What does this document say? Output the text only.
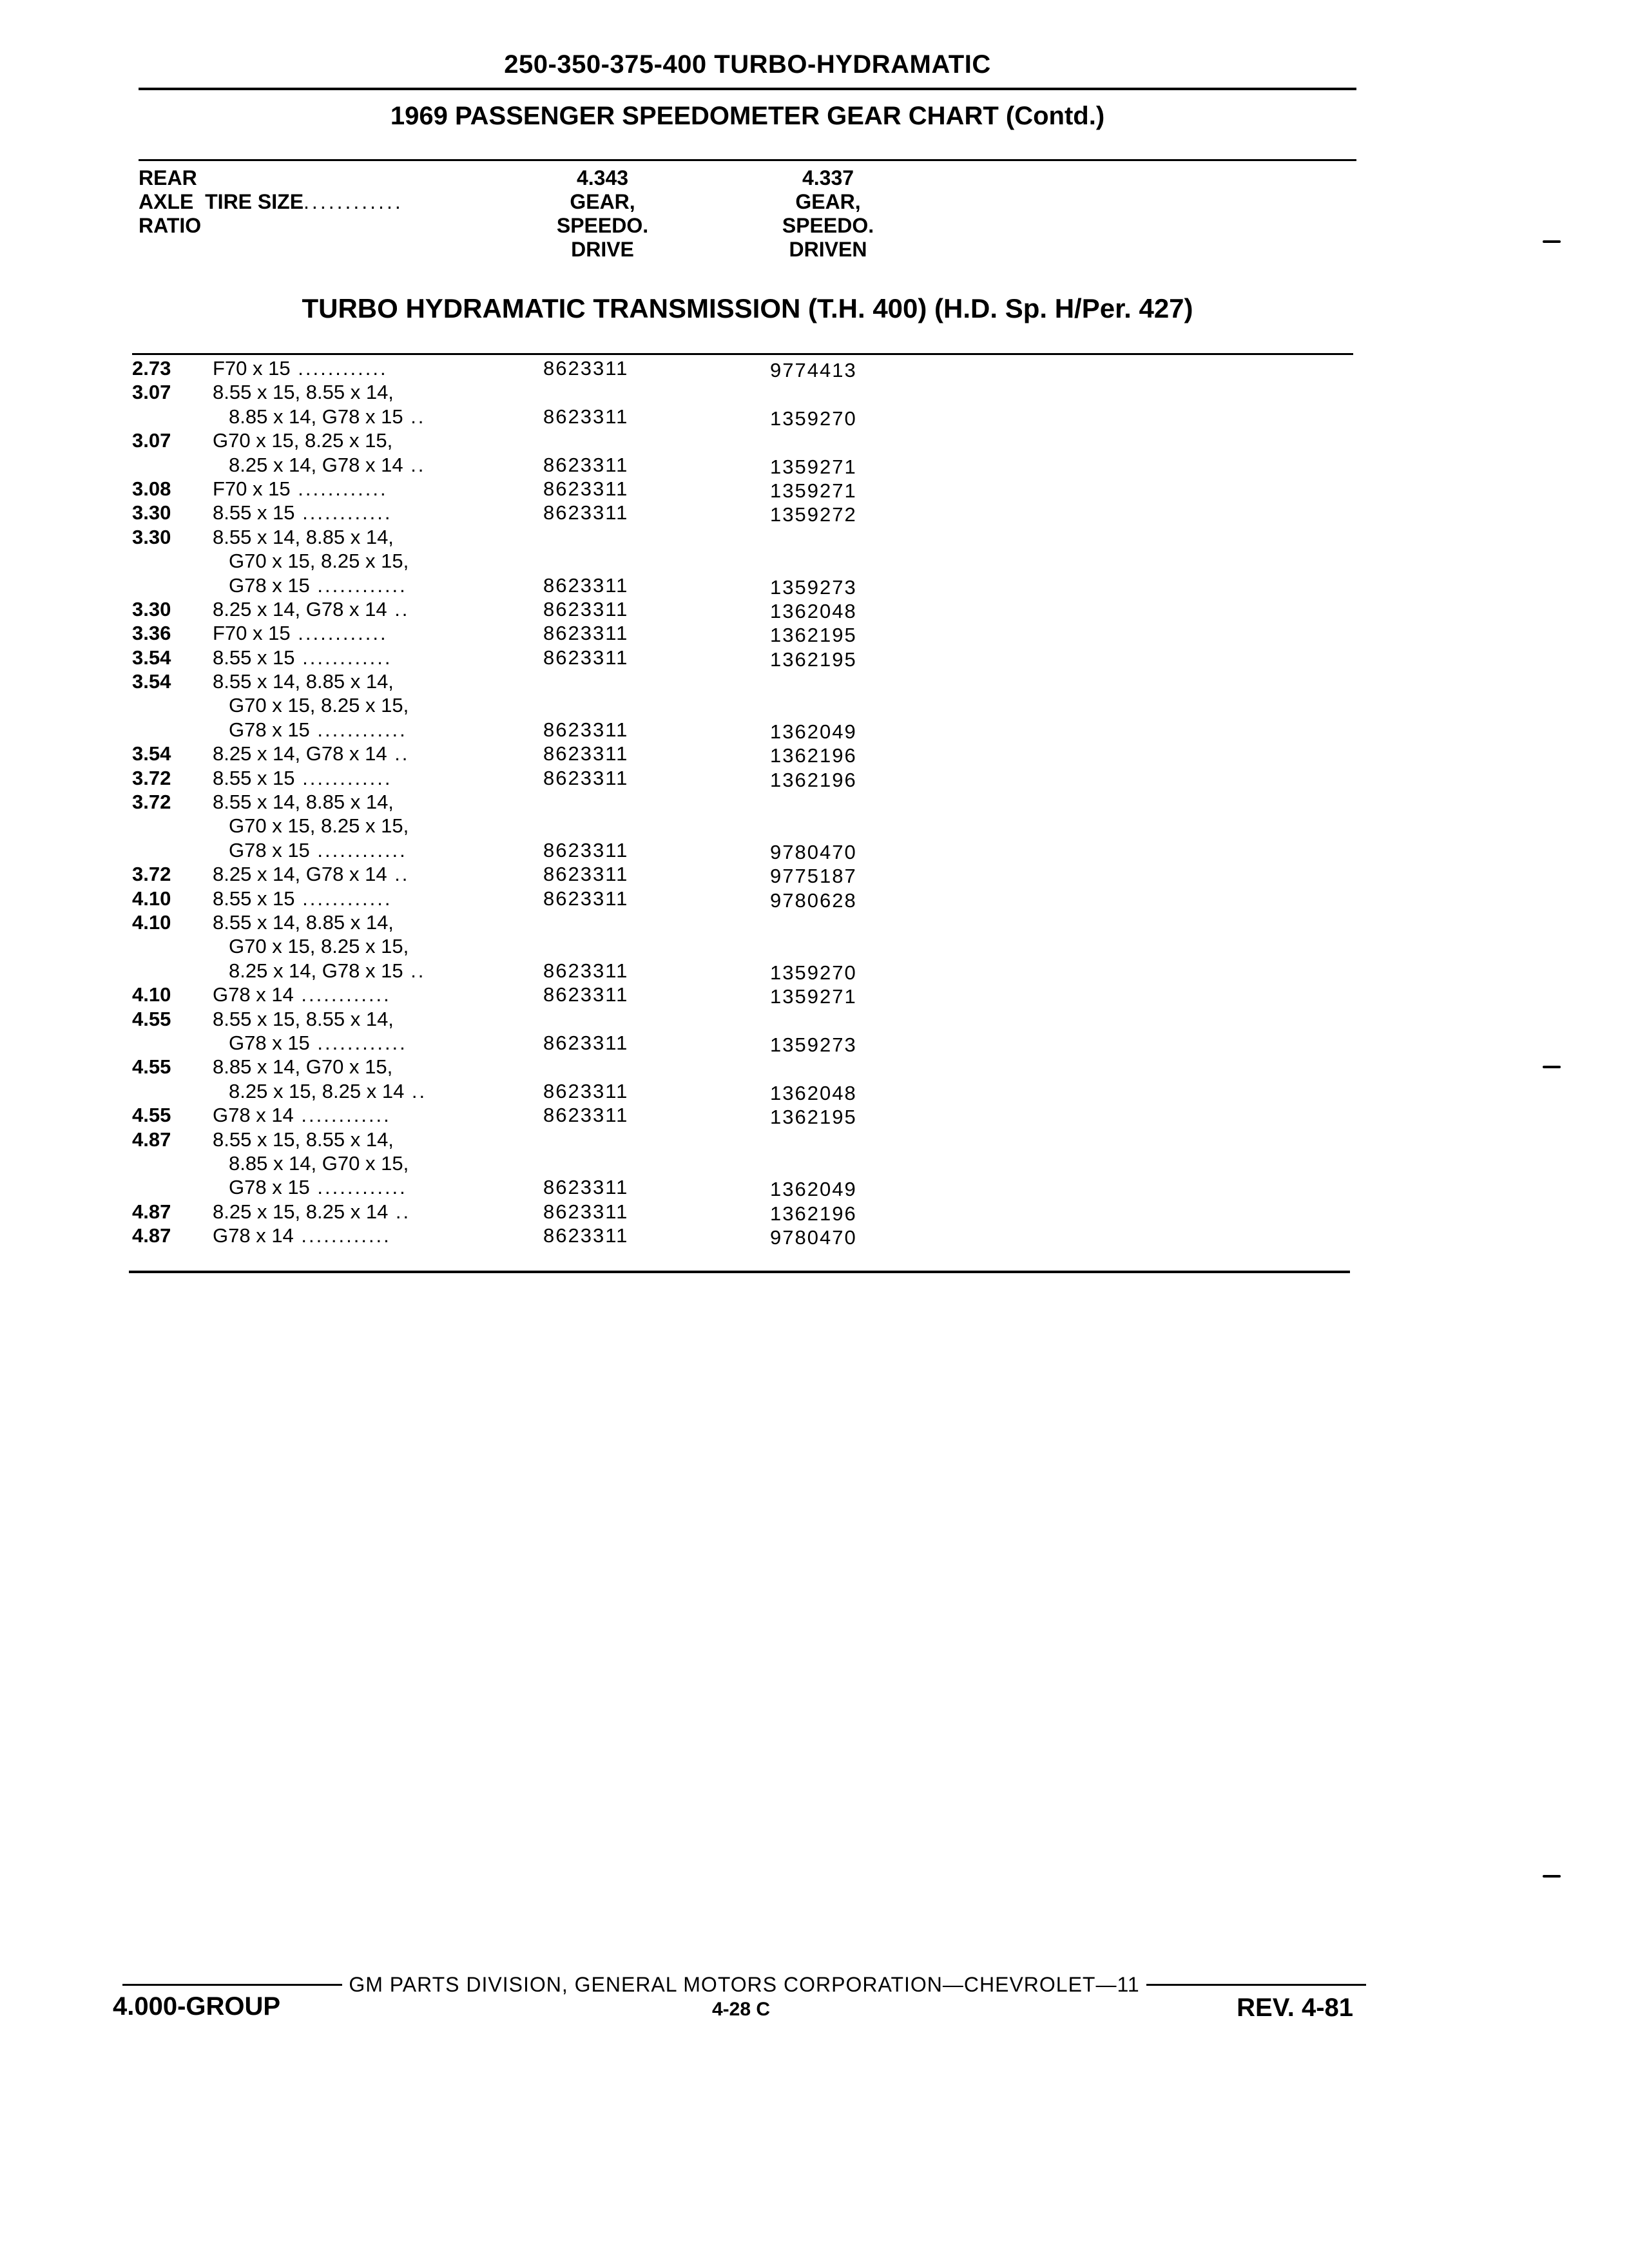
250-350-375-400 TURBO-HYDRAMATIC
1969 PASSENGER SPEEDOMETER GEAR CHART (Contd.)
REAR
AXLE TIRE SIZE............
RATIO
4.343
GEAR,
SPEEDO.
DRIVE
4.337
GEAR,
SPEEDO.
DRIVEN
TURBO HYDRAMATIC TRANSMISSION (T.H. 400) (H.D. Sp. H/Per. 427)
2.73 F70 x 15 ............	8623311	9774413
3.07 8.55 x 15, 8.55 x 14,
8.85 x 14, G78 x 15 ..	8623311	1359270
3.07 G70 x 15, 8.25 x 15,
8.25 x 14, G78 x 14 ..	8623311	1359271
3.08 F70 x 15 ............	8623311	1359271
3.30 8.55 x 15 ............	8623311	1359272
3.30 8.55 x 14, 8.85 x 14,
G70 x 15, 8.25 x 15,
G78 x 15 ............	8623311	1359273
3.30 8.25 x 14, G78 x 14 ..	8623311	1362048
3.36 F70 x 15 ............	8623311	1362195
3.54 8.55 x 15 ............	8623311	1362195
3.54 8.55 x 14, 8.85 x 14,
G70 x 15, 8.25 x 15,
G78 x 15 ............	8623311	1362049
3.54 8.25 x 14, G78 x 14 ..	8623311	1362196
3.72 8.55 x 15 ............	8623311	1362196
3.72 8.55 x 14, 8.85 x 14,
G70 x 15, 8.25 x 15,
G78 x 15 ............	8623311	9780470
3.72 8.25 x 14, G78 x 14 ..	8623311	9775187
4.10 8.55 x 15 ............	8623311	9780628
4.10 8.55 x 14, 8.85 x 14,
G70 x 15, 8.25 x 15,
8.25 x 14, G78 x 15 ..	8623311	1359270
4.10 G78 x 14 ............	8623311	1359271
4.55 8.55 x 15, 8.55 x 14,
G78 x 15 ............	8623311	1359273
4.55 8.85 x 14, G70 x 15,
8.25 x 15, 8.25 x 14 ..	8623311	1362048
4.55 G78 x 14 ............	8623311	1362195
4.87 8.55 x 15, 8.55 x 14,
8.85 x 14, G70 x 15,
G78 x 15 ............	8623311	1362049
4.87 8.25 x 15, 8.25 x 14 ..	8623311	1362196
4.87 G78 x 14 ............	8623311	9780470
GM PARTS DIVISION, GENERAL MOTORS CORPORATION—CHEVROLET—11
4.000-GROUP	4-28 C	REV. 4-81
